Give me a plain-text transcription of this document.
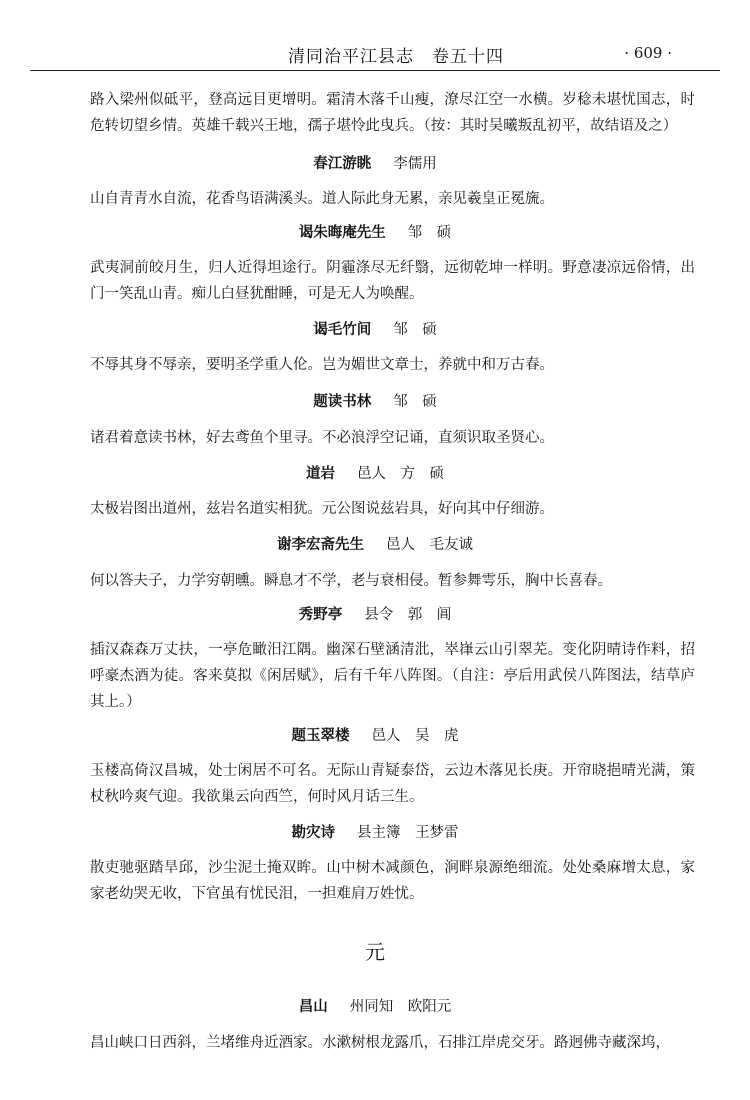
清同治平江县志　卷五十四	· 609 ·

路入梁州似砥平，登高远目更增明。霜清木落千山瘦，潦尽江空一水横。岁稔未堪忧国志，时危转切望乡情。英雄千载兴王地，孺子堪怜此曳兵。（按：其时吴曦叛乱初平，故结语及之）

春江游眺 李儒用

山自青青水自流，花香鸟语满溪头。道人际此身无累，亲见羲皇正冕旒。

谒朱晦庵先生 邹　䂵

武夷洞前皎月生，归人近得坦途行。阴霾涤尽无纤翳，远彻乾坤一样明。野意凄凉远俗情，出门一笑乱山青。痴儿白昼犹酣睡，可是无人为唤醒。

谒毛竹间 邹　䂵

不辱其身不辱亲，要明圣学重人伦。岂为媚世文章士，养就中和万古春。

题读书林 邹　䂵

诸君着意读书林，好去鸢鱼个里寻。不必浪浮空记诵，直须识取圣贤心。

道岩 邑人　方　䂵

太极岩图出道州，兹岩名道实相犹。元公图说兹岩具，好向其中仔细游。

谢李宏斋先生 邑人　毛友诚

何以答夫子，力学穷朝曛。瞬息才不学，老与衰相侵。暂参舞雩乐，胸中长喜春。

秀野亭 县令　郭　阊

插汉森森万丈扶，一亭危瞰汨江隅。幽深石壁涵清沘，崒嵂云山引翠芜。变化阴晴诗作料，招呼豪杰酒为徒。客来莫拟《闲居赋》，后有千年八阵图。（自注：亭后用武侯八阵图法，结草庐其上。）

题玉翠楼 邑人　吴　虎

玉楼高倚汉昌城，处士闲居不可名。无际山青疑泰岱，云边木落见长庚。开帘晓挹晴光满，策杖秋吟爽气迎。我欲巢云向西竺，何时风月话三生。

勘灾诗 县主簿　王梦雷

散吏驰驱踏旱邱，沙尘泥土掩双眸。山中树木减颜色，涧畔泉源绝细流。处处桑麻增太息，家家老幼哭无收，下官虽有忧民泪，一担难肩万姓忧。

元

昌山 州同知　欧阳元

昌山峡口日西斜，兰堵维舟近酒家。水漱树根龙露爪，石排江岸虎交牙。路迥佛寺藏深坞，
